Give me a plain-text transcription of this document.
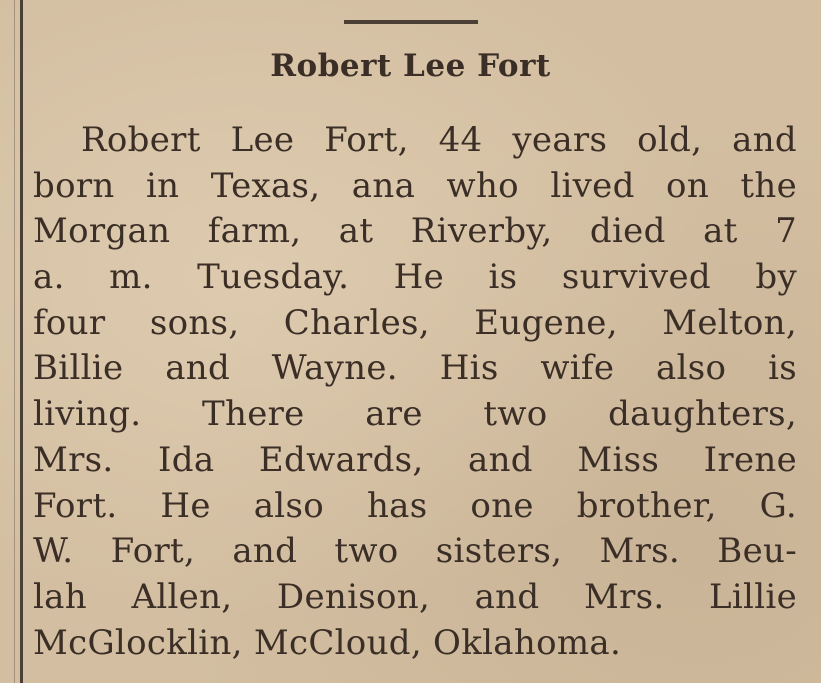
Robert Lee Fort
Robert Lee Fort, 44 years old, and
born in Texas, ana who lived on the
Morgan farm, at Riverby, died at 7
a. m. Tuesday. He is survived by
four sons, Charles, Eugene, Melton,
Billie and Wayne. His wife also is
living. There are two daughters,
Mrs. Ida Edwards, and Miss Irene
Fort. He also has one brother, G.
W. Fort, and two sisters, Mrs. Beu-
lah Allen, Denison, and Mrs. Lillie
McGlocklin, McCloud, Oklahoma.
